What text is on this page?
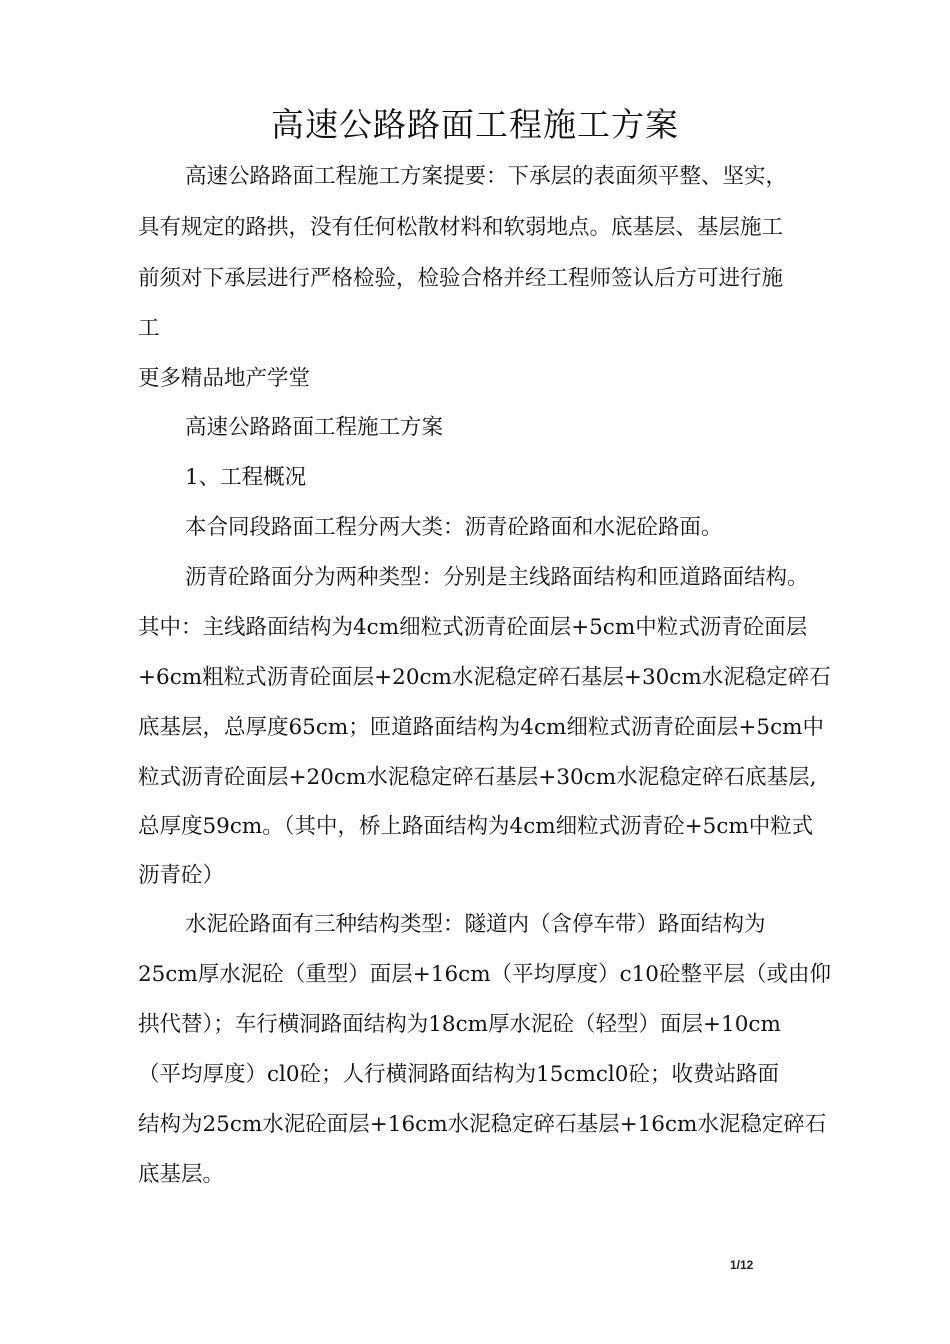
高速公路路面工程施工方案

高速公路路面工程施工方案提要：下承层的表面须平整、坚实，

具有规定的路拱，没有任何松散材料和软弱地点。底基层、基层施工

前须对下承层进行严格检验，检验合格并经工程师签认后方可进行施

工

更多精品地产学堂

高速公路路面工程施工方案

1、工程概况

本合同段路面工程分两大类：沥青砼路面和水泥砼路面。

沥青砼路面分为两种类型：分别是主线路面结构和匝道路面结构。

其中：主线路面结构为4cm细粒式沥青砼面层+5cm中粒式沥青砼面层

+6cm粗粒式沥青砼面层+20cm水泥稳定碎石基层+30cm水泥稳定碎石

底基层，总厚度65cm；匝道路面结构为4cm细粒式沥青砼面层+5cm中

粒式沥青砼面层+20cm水泥稳定碎石基层+30cm水泥稳定碎石底基层,

总厚度59cm。（其中，桥上路面结构为4cm细粒式沥青砼+5cm中粒式

沥青砼）

水泥砼路面有三种结构类型：隧道内（含停车带）路面结构为

25cm厚水泥砼（重型）面层+16cm（平均厚度）c10砼整平层（或由仰

拱代替）；车行横洞路面结构为18cm厚水泥砼（轻型）面层+10cm

（平均厚度）cl0砼；人行横洞路面结构为15cmcl0砼；收费站路面

结构为25cm水泥砼面层+16cm水泥稳定碎石基层+16cm水泥稳定碎石

底基层。

1/12
